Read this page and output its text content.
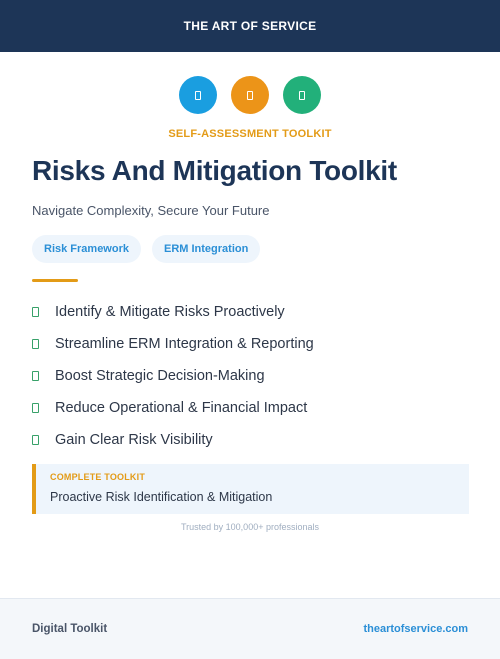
THE ART OF SERVICE
SELF-ASSESSMENT TOOLKIT
Risks And Mitigation Toolkit
Navigate Complexity, Secure Your Future
Risk Framework	ERM Integration
Identify & Mitigate Risks Proactively
Streamline ERM Integration & Reporting
Boost Strategic Decision-Making
Reduce Operational & Financial Impact
Gain Clear Risk Visibility
COMPLETE TOOLKIT
Proactive Risk Identification & Mitigation
Trusted by 100,000+ professionals
Digital Toolkit	theartofservice.com
